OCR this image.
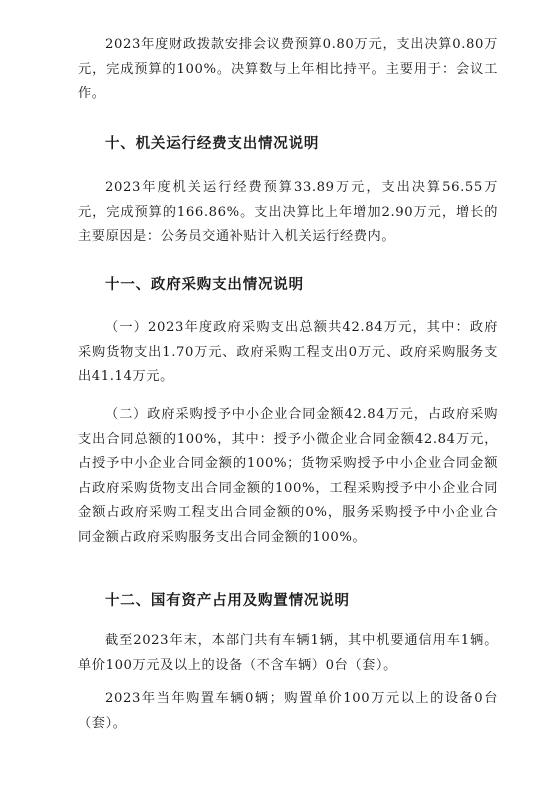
2023年度财政拨款安排会议费预算0.80万元，支出决算0.80万元，完成预算的100%。决算数与上年相比持平。主要用于：会议工作。

十、机关运行经费支出情况说明

2023年度机关运行经费预算33.89万元，支出决算56.55万元，完成预算的166.86%。支出决算比上年增加2.90万元，增长的主要原因是：公务员交通补贴计入机关运行经费内。

十一、政府采购支出情况说明

（一）2023年度政府采购支出总额共42.84万元，其中：政府采购货物支出1.70万元、政府采购工程支出0万元、政府采购服务支出41.14万元。

（二）政府采购授予中小企业合同金额42.84万元，占政府采购支出合同总额的100%，其中：授予小微企业合同金额42.84万元，占授予中小企业合同金额的100%；货物采购授予中小企业合同金额占政府采购货物支出合同金额的100%，工程采购授予中小企业合同金额占政府采购工程支出合同金额的0%，服务采购授予中小企业合同金额占政府采购服务支出合同金额的100%。

十二、国有资产占用及购置情况说明

截至2023年末，本部门共有车辆1辆，其中机要通信用车1辆。单价100万元及以上的设备（不含车辆）0台（套）。

2023年当年购置车辆0辆；购置单价100万元以上的设备0台（套）。
